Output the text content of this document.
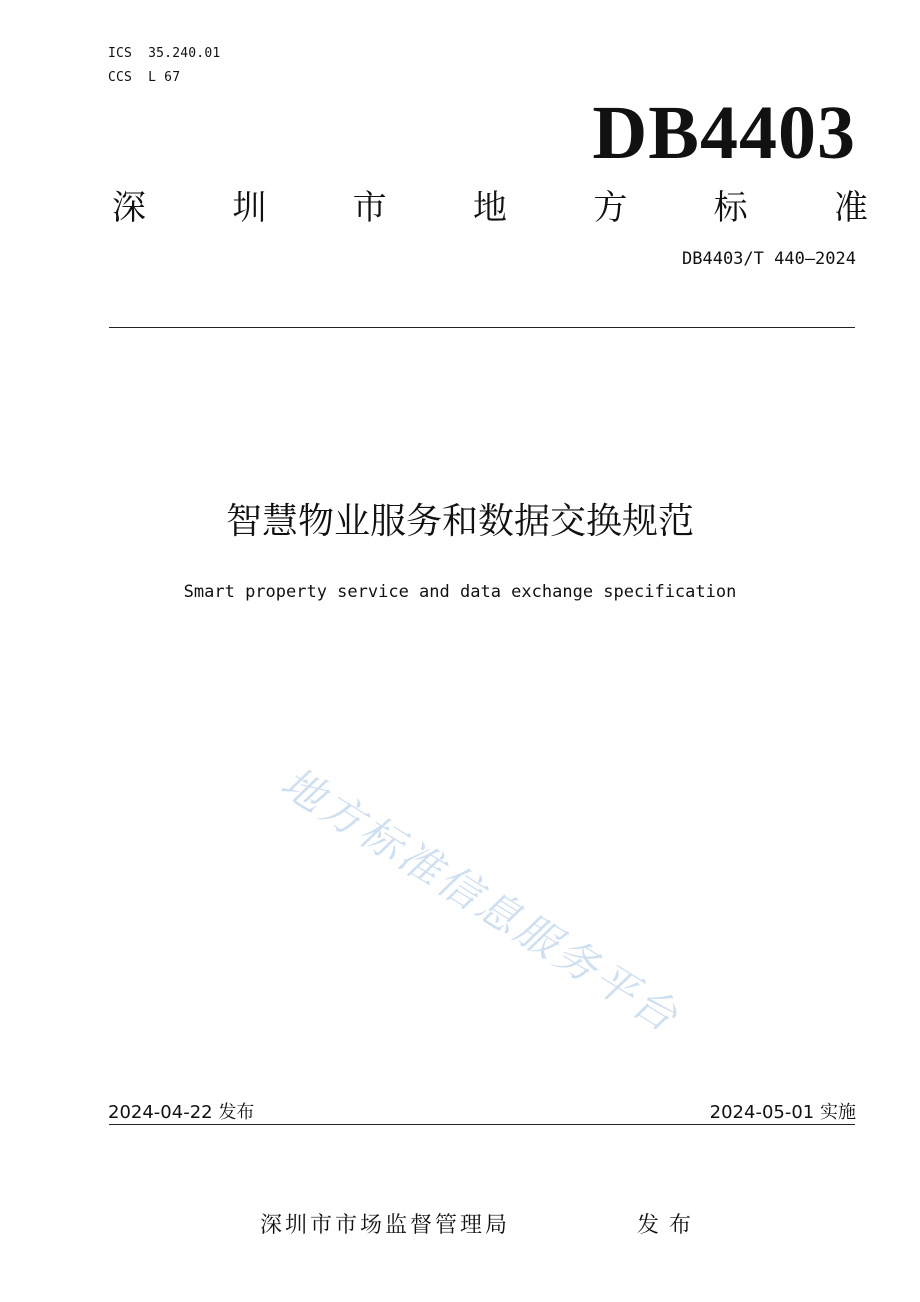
ICS  35.240.01
CCS  L 67
DB4403
深	圳	市	地	方	标	准
DB4403/T 440—2024
智慧物业服务和数据交换规范
Smart property service and data exchange specification
地方标准信息服务平台
2024-04-22 发布	2024-05-01 实施
深圳市市场监督管理局	发布
